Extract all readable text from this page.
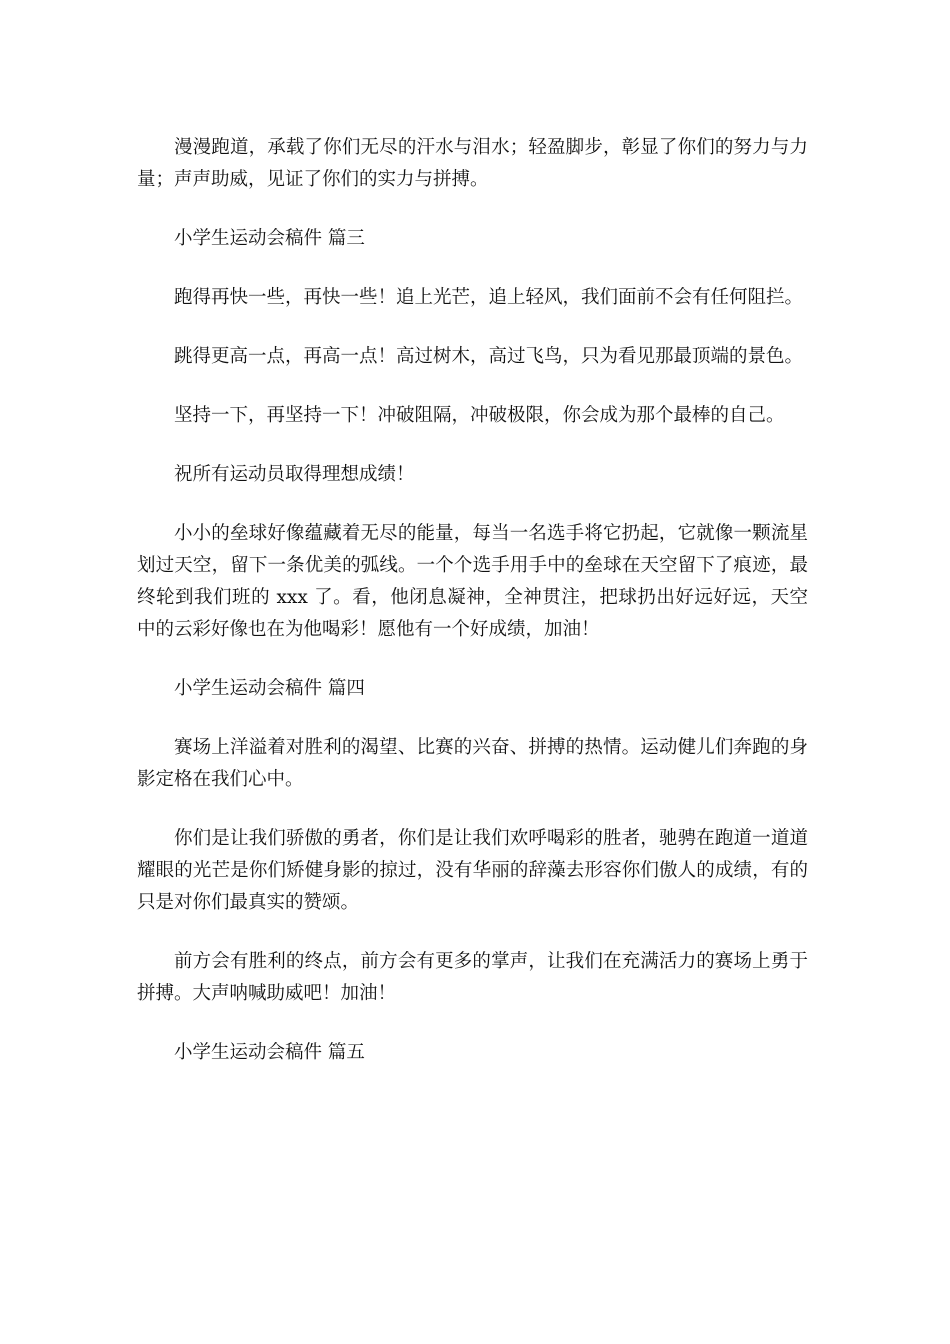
漫漫跑道，承载了你们无尽的汗水与泪水；轻盈脚步，彰显了你们的努力与力量；声声助威，见证了你们的实力与拼搏。

小学生运动会稿件 篇三

跑得再快一些，再快一些！追上光芒，追上轻风，我们面前不会有任何阻拦。

跳得更高一点，再高一点！高过树木，高过飞鸟，只为看见那最顶端的景色。

坚持一下，再坚持一下！冲破阻隔，冲破极限，你会成为那个最棒的自己。

祝所有运动员取得理想成绩！

小小的垒球好像蕴藏着无尽的能量，每当一名选手将它扔起，它就像一颗流星划过天空，留下一条优美的弧线。一个个选手用手中的垒球在天空留下了痕迹，最终轮到我们班的 xxx 了。看，他闭息凝神，全神贯注，把球扔出好远好远，天空中的云彩好像也在为他喝彩！愿他有一个好成绩，加油！

小学生运动会稿件 篇四

赛场上洋溢着对胜利的渴望、比赛的兴奋、拼搏的热情。运动健儿们奔跑的身影定格在我们心中。

你们是让我们骄傲的勇者，你们是让我们欢呼喝彩的胜者，驰骋在跑道一道道耀眼的光芒是你们矫健身影的掠过，没有华丽的辞藻去形容你们傲人的成绩，有的只是对你们最真实的赞颂。

前方会有胜利的终点，前方会有更多的掌声，让我们在充满活力的赛场上勇于拼搏。大声呐喊助威吧！加油！

小学生运动会稿件 篇五
